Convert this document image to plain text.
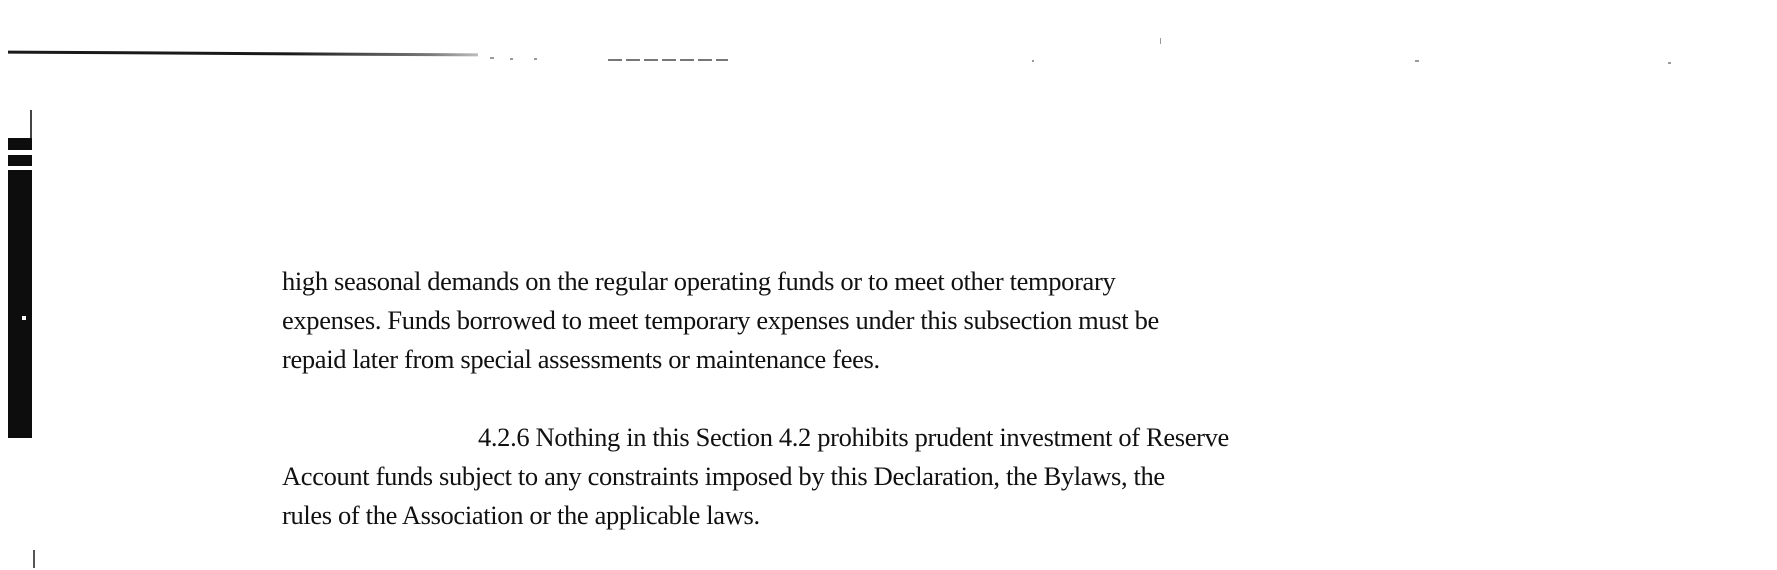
high seasonal demands on the regular operating funds or to meet other temporary

expenses. Funds borrowed to meet temporary expenses under this subsection must be

repaid later from special assessments or maintenance fees.

4.2.6 Nothing in this Section 4.2 prohibits prudent investment of Reserve

Account funds subject to any constraints imposed by this Declaration, the Bylaws, the

rules of the Association or the applicable laws.
